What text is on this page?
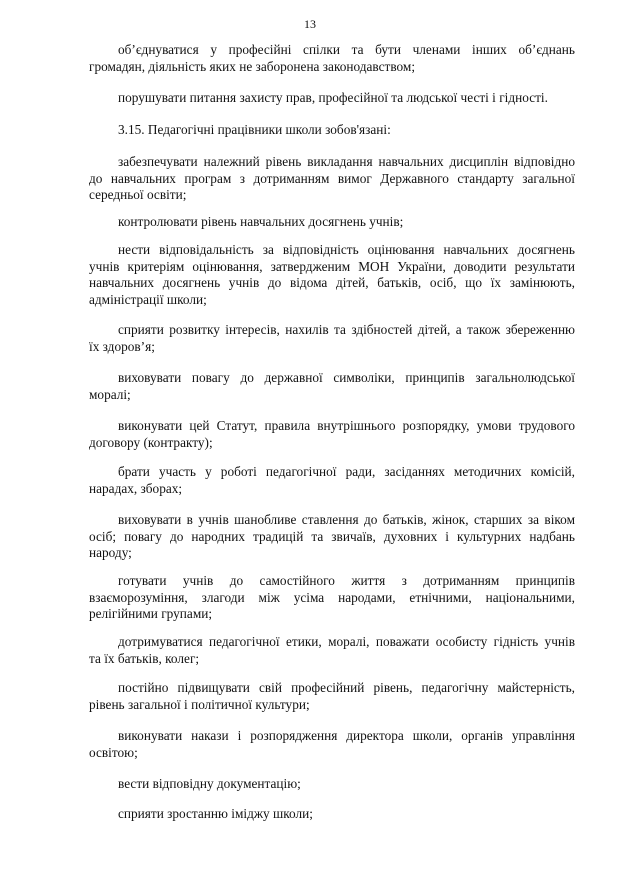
13
об’єднуватися у професійні спілки та бути членами інших об’єднань
громадян, діяльність яких не заборонена законодавством;
порушувати питання захисту прав, професійної та людської честі і гідності.
3.15. Педагогічні працівники школи зобов'язані:
забезпечувати належний рівень викладання навчальних дисциплін відповідно
до навчальних програм з дотриманням вимог Державного стандарту загальної
середньої освіти;
контролювати рівень навчальних досягнень учнів;
нести відповідальність за відповідність оцінювання навчальних досягнень
учнів критеріям оцінювання, затвердженим МОН України, доводити результати
навчальних досягнень учнів до відома дітей, батьків, осіб, що їх замінюють,
адміністрації школи;
сприяти розвитку інтересів, нахилів та здібностей дітей, а також збереженню
їх здоров’я;
виховувати повагу до державної символіки, принципів загальнолюдської
моралі;
виконувати цей Статут, правила внутрішнього розпорядку, умови трудового
договору (контракту);
брати участь у роботі педагогічної ради, засіданнях методичних комісій,
нарадах, зборах;
виховувати в учнів шанобливе ставлення до батьків, жінок, старших за віком
осіб; повагу до народних традицій та звичаїв, духовних і культурних надбань
народу;
готувати учнів до самостійного життя з дотриманням принципів
взаєморозуміння, злагоди між усіма народами, етнічними, національними,
релігійними групами;
дотримуватися педагогічної етики, моралі, поважати особисту гідність учнів
та їх батьків, колег;
постійно підвищувати свій професійний рівень, педагогічну майстерність,
рівень загальної і політичної культури;
виконувати накази і розпорядження директора школи, органів управління
освітою;
вести відповідну документацію;
сприяти зростанню іміджу школи;
